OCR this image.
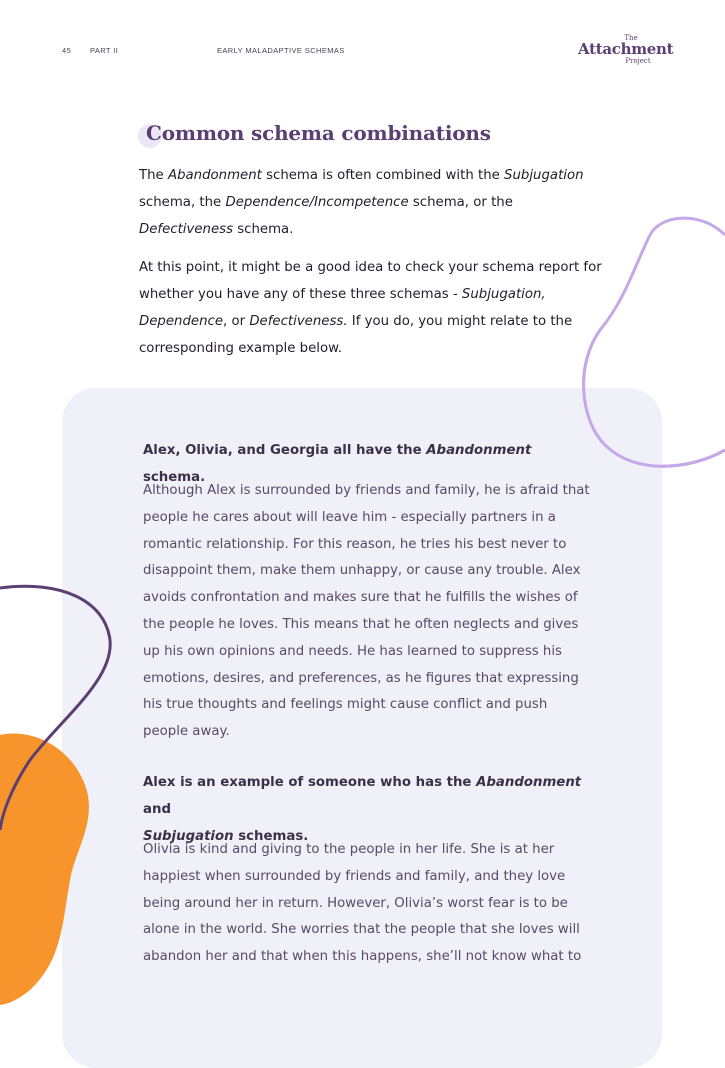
45	PART II	EARLY MALADAPTIVE SCHEMAS
The
Attachment
Project
Common schema combinations

The Abandonment schema is often combined with the Subjugation schema, the Dependence/Incompetence schema, or the Defectiveness schema.

At this point, it might be a good idea to check your schema report for whether you have any of these three schemas - Subjugation, Dependence, or Defectiveness. If you do, you might relate to the corresponding example below.

Alex, Olivia, and Georgia all have the Abandonment schema.

Although Alex is surrounded by friends and family, he is afraid that people he cares about will leave him - especially partners in a romantic relationship. For this reason, he tries his best never to disappoint them, make them unhappy, or cause any trouble. Alex avoids confrontation and makes sure that he fulfills the wishes of the people he loves. This means that he often neglects and gives up his own opinions and needs. He has learned to suppress his emotions, desires, and preferences, as he figures that expressing his true thoughts and feelings might cause conflict and push people away.

Alex is an example of someone who has the Abandonment and
Subjugation schemas.

Olivia is kind and giving to the people in her life. She is at her happiest when surrounded by friends and family, and they love being around her in return. However, Olivia’s worst fear is to be alone in the world. She worries that the people that she loves will abandon her and that when this happens, she’ll not know what to
